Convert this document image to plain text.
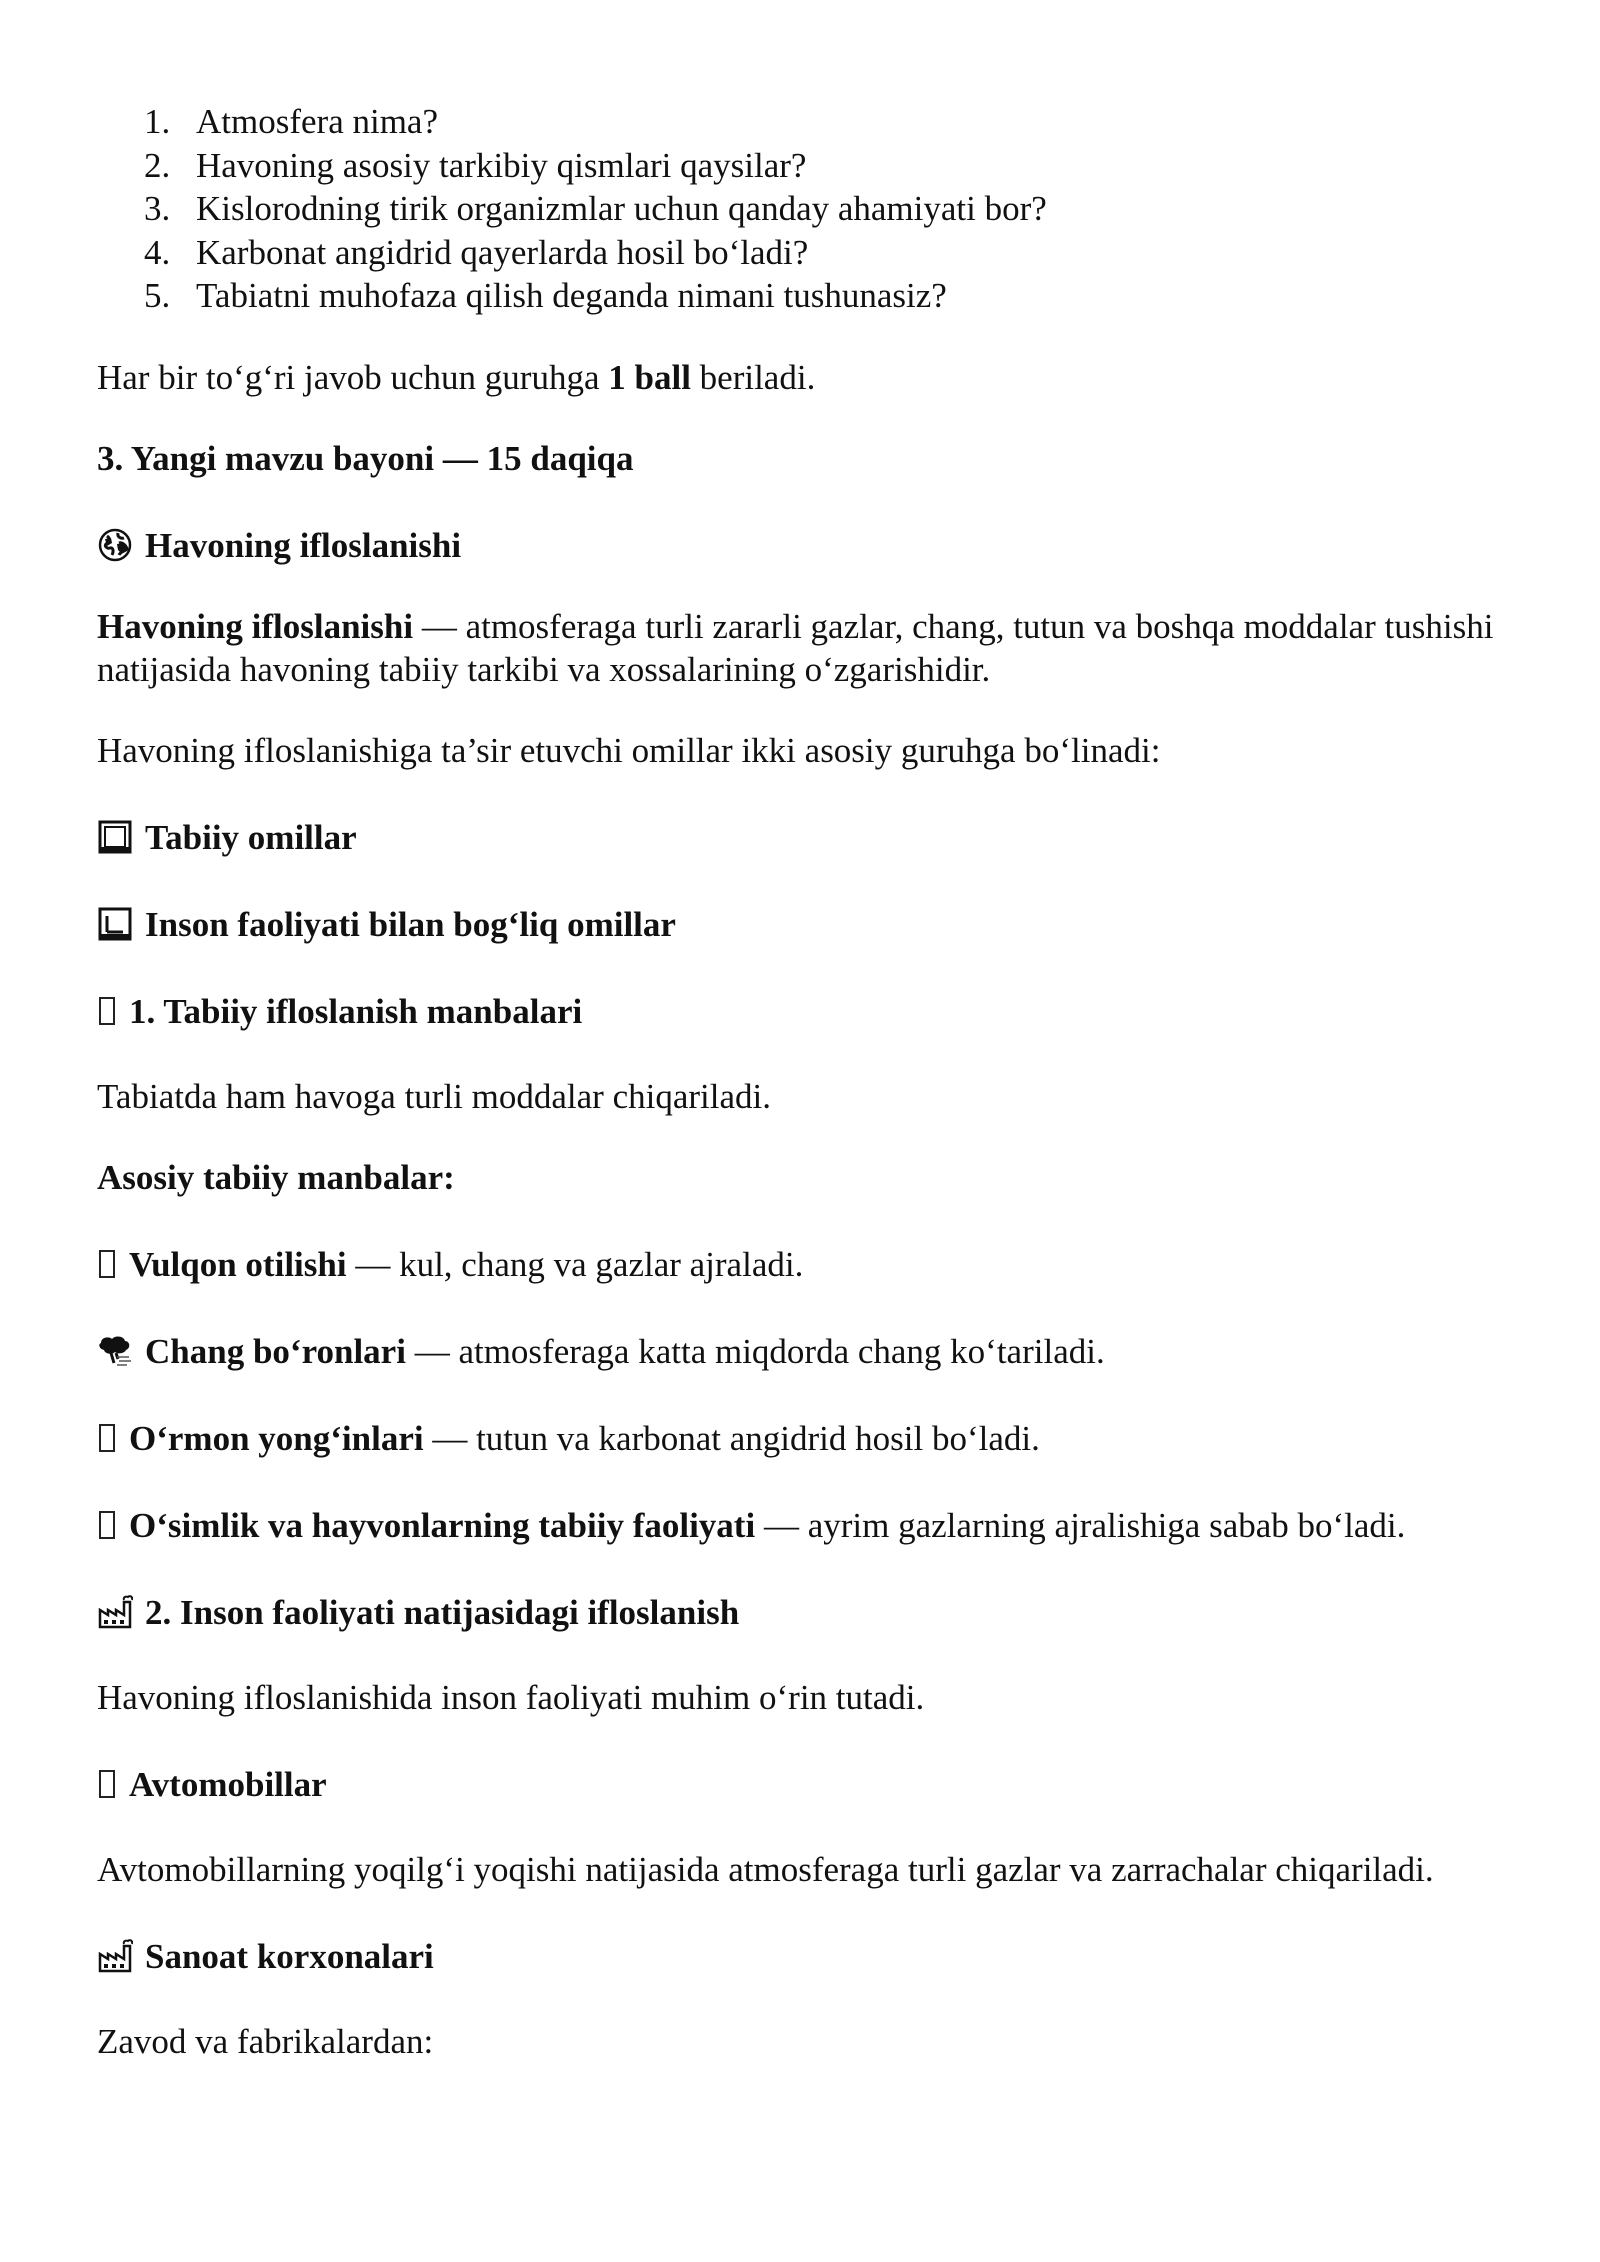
1. Atmosfera nima?
2. Havoning asosiy tarkibiy qismlari qaysilar?
3. Kislorodning tirik organizmlar uchun qanday ahamiyati bor?
4. Karbonat angidrid qayerlarda hosil bo‘ladi?
5. Tabiatni muhofaza qilish deganda nimani tushunasiz?

Har bir to‘g‘ri javob uchun guruhga 1 ball beriladi.

3. Yangi mavzu bayoni — 15 daqiqa

Havoning ifloslanishi

Havoning ifloslanishi — atmosferaga turli zararli gazlar, chang, tutun va boshqa moddalar tushishi natijasida havoning tabiiy tarkibi va xossalarining o‘zgarishidir.

Havoning ifloslanishiga ta’sir etuvchi omillar ikki asosiy guruhga bo‘linadi:

Tabiiy omillar
Inson faoliyati bilan bog‘liq omillar
1. Tabiiy ifloslanish manbalari

Tabiatda ham havoga turli moddalar chiqariladi.

Asosiy tabiiy manbalar:

Vulqon otilishi — kul, chang va gazlar ajraladi.
Chang bo‘ronlari — atmosferaga katta miqdorda chang ko‘tariladi.
O‘rmon yong‘inlari — tutun va karbonat angidrid hosil bo‘ladi.
O‘simlik va hayvonlarning tabiiy faoliyati — ayrim gazlarning ajralishiga sabab bo‘ladi.
2. Inson faoliyati natijasidagi ifloslanish

Havoning ifloslanishida inson faoliyati muhim o‘rin tutadi.

Avtomobillar

Avtomobillarning yoqilg‘i yoqishi natijasida atmosferaga turli gazlar va zarrachalar chiqariladi.

Sanoat korxonalari

Zavod va fabrikalardan:
